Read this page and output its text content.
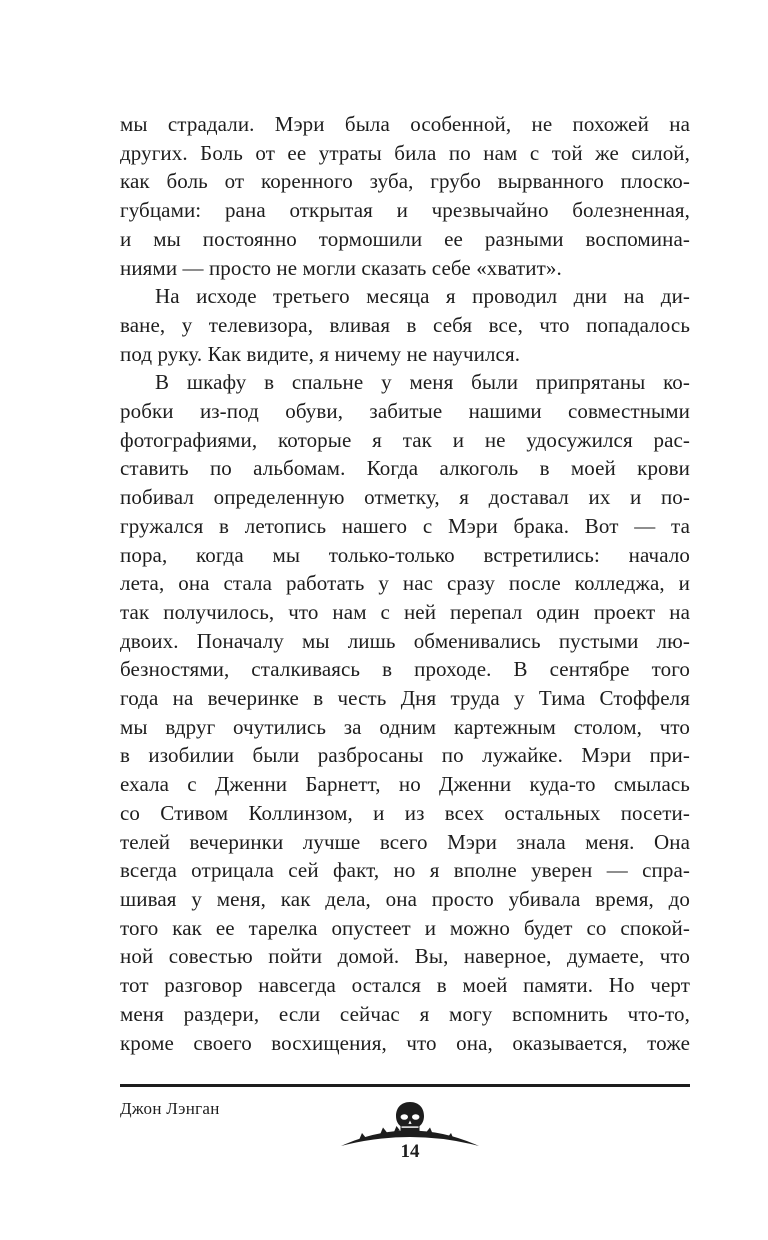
мы страдали. Мэри была особенной, не похожей на
других. Боль от ее утраты била по нам с той же силой,
как боль от коренного зуба, грубо вырванного плоско-
губцами: рана открытая и чрезвычайно болезненная,
и мы постоянно тормошили ее разными воспомина-
ниями — просто не могли сказать себе «хватит».
На исходе третьего месяца я проводил дни на ди-
ване, у телевизора, вливая в себя все, что попадалось
под руку. Как видите, я ничему не научился.
В шкафу в спальне у меня были припрятаны ко-
робки из-под обуви, забитые нашими совместными
фотографиями, которые я так и не удосужился рас-
ставить по альбомам. Когда алкоголь в моей крови
побивал определенную отметку, я доставал их и по-
гружался в летопись нашего с Мэри брака. Вот — та
пора, когда мы только-только встретились: начало
лета, она стала работать у нас сразу после колледжа, и
так получилось, что нам с ней перепал один проект на
двоих. Поначалу мы лишь обменивались пустыми лю-
безностями, сталкиваясь в проходе. В сентябре того
года на вечеринке в честь Дня труда у Тима Стоффеля
мы вдруг очутились за одним картежным столом, что
в изобилии были разбросаны по лужайке. Мэри при-
ехала с Дженни Барнетт, но Дженни куда-то смылась
со Стивом Коллинзом, и из всех остальных посети-
телей вечеринки лучше всего Мэри знала меня. Она
всегда отрицала сей факт, но я вполне уверен — спра-
шивая у меня, как дела, она просто убивала время, до
того как ее тарелка опустеет и можно будет со спокой-
ной совестью пойти домой. Вы, наверное, думаете, что
тот разговор навсегда остался в моей памяти. Но черт
меня раздери, если сейчас я могу вспомнить что-то,
кроме своего восхищения, что она, оказывается, тоже
Джон Лэнган
14
